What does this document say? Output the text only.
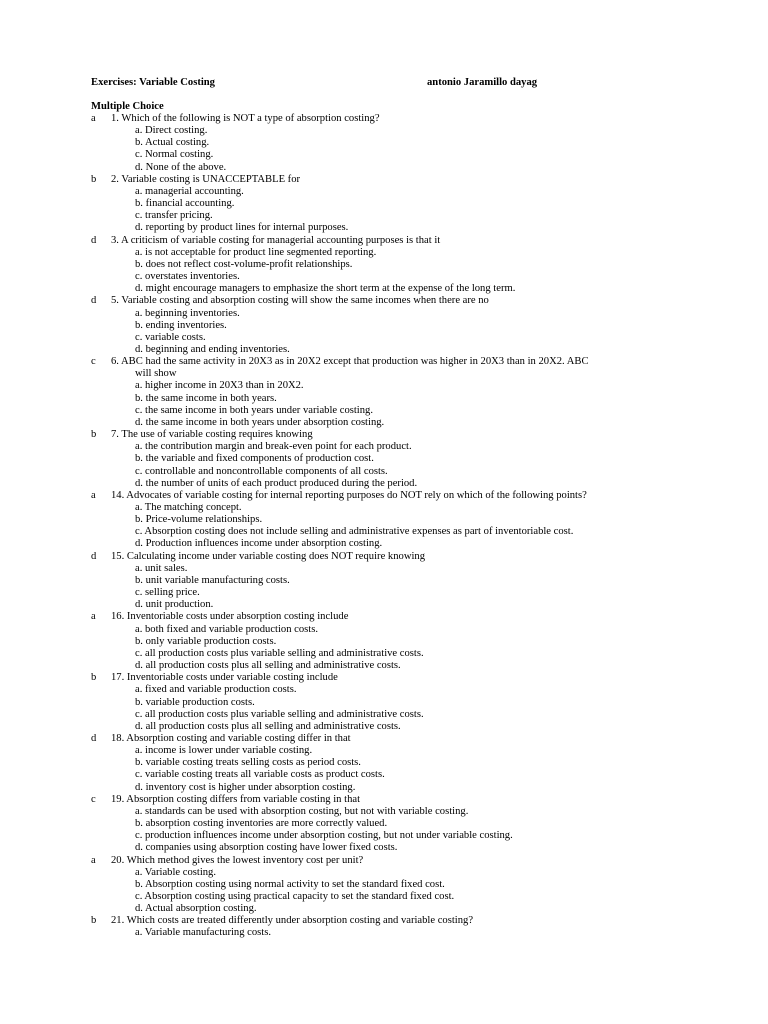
Exercises: Variable Costing	antonio Jaramillo dayag
Multiple Choice
a 1. Which of the following is NOT a type of absorption costing?
a. Direct costing.
b. Actual costing.
c. Normal costing.
d. None of the above.
b 2. Variable costing is UNACCEPTABLE for
a. managerial accounting.
b. financial accounting.
c. transfer pricing.
d. reporting by product lines for internal purposes.
d 3. A criticism of variable costing for managerial accounting purposes is that it
a. is not acceptable for product line segmented reporting.
b. does not reflect cost-volume-profit relationships.
c. overstates inventories.
d. might encourage managers to emphasize the short term at the expense of the long term.
d 5. Variable costing and absorption costing will show the same incomes when there are no
a. beginning inventories.
b. ending inventories.
c. variable costs.
d. beginning and ending inventories.
c 6. ABC had the same activity in 20X3 as in 20X2 except that production was higher in 20X3 than in 20X2. ABC
will show
a. higher income in 20X3 than in 20X2.
b. the same income in both years.
c. the same income in both years under variable costing.
d. the same income in both years under absorption costing.
b 7. The use of variable costing requires knowing
a. the contribution margin and break-even point for each product.
b. the variable and fixed components of production cost.
c. controllable and noncontrollable components of all costs.
d. the number of units of each product produced during the period.
a 14. Advocates of variable costing for internal reporting purposes do NOT rely on which of the following points?
a. The matching concept.
b. Price-volume relationships.
c. Absorption costing does not include selling and administrative expenses as part of inventoriable cost.
d. Production influences income under absorption costing.
d 15. Calculating income under variable costing does NOT require knowing
a. unit sales.
b. unit variable manufacturing costs.
c. selling price.
d. unit production.
a 16. Inventoriable costs under absorption costing include
a. both fixed and variable production costs.
b. only variable production costs.
c. all production costs plus variable selling and administrative costs.
d. all production costs plus all selling and administrative costs.
b 17. Inventoriable costs under variable costing include
a. fixed and variable production costs.
b. variable production costs.
c. all production costs plus variable selling and administrative costs.
d. all production costs plus all selling and administrative costs.
d 18. Absorption costing and variable costing differ in that
a. income is lower under variable costing.
b. variable costing treats selling costs as period costs.
c. variable costing treats all variable costs as product costs.
d. inventory cost is higher under absorption costing.
c 19. Absorption costing differs from variable costing in that
a. standards can be used with absorption costing, but not with variable costing.
b. absorption costing inventories are more correctly valued.
c. production influences income under absorption costing, but not under variable costing.
d. companies using absorption costing have lower fixed costs.
a 20. Which method gives the lowest inventory cost per unit?
a. Variable costing.
b. Absorption costing using normal activity to set the standard fixed cost.
c. Absorption costing using practical capacity to set the standard fixed cost.
d. Actual absorption costing.
b 21. Which costs are treated differently under absorption costing and variable costing?
a. Variable manufacturing costs.
